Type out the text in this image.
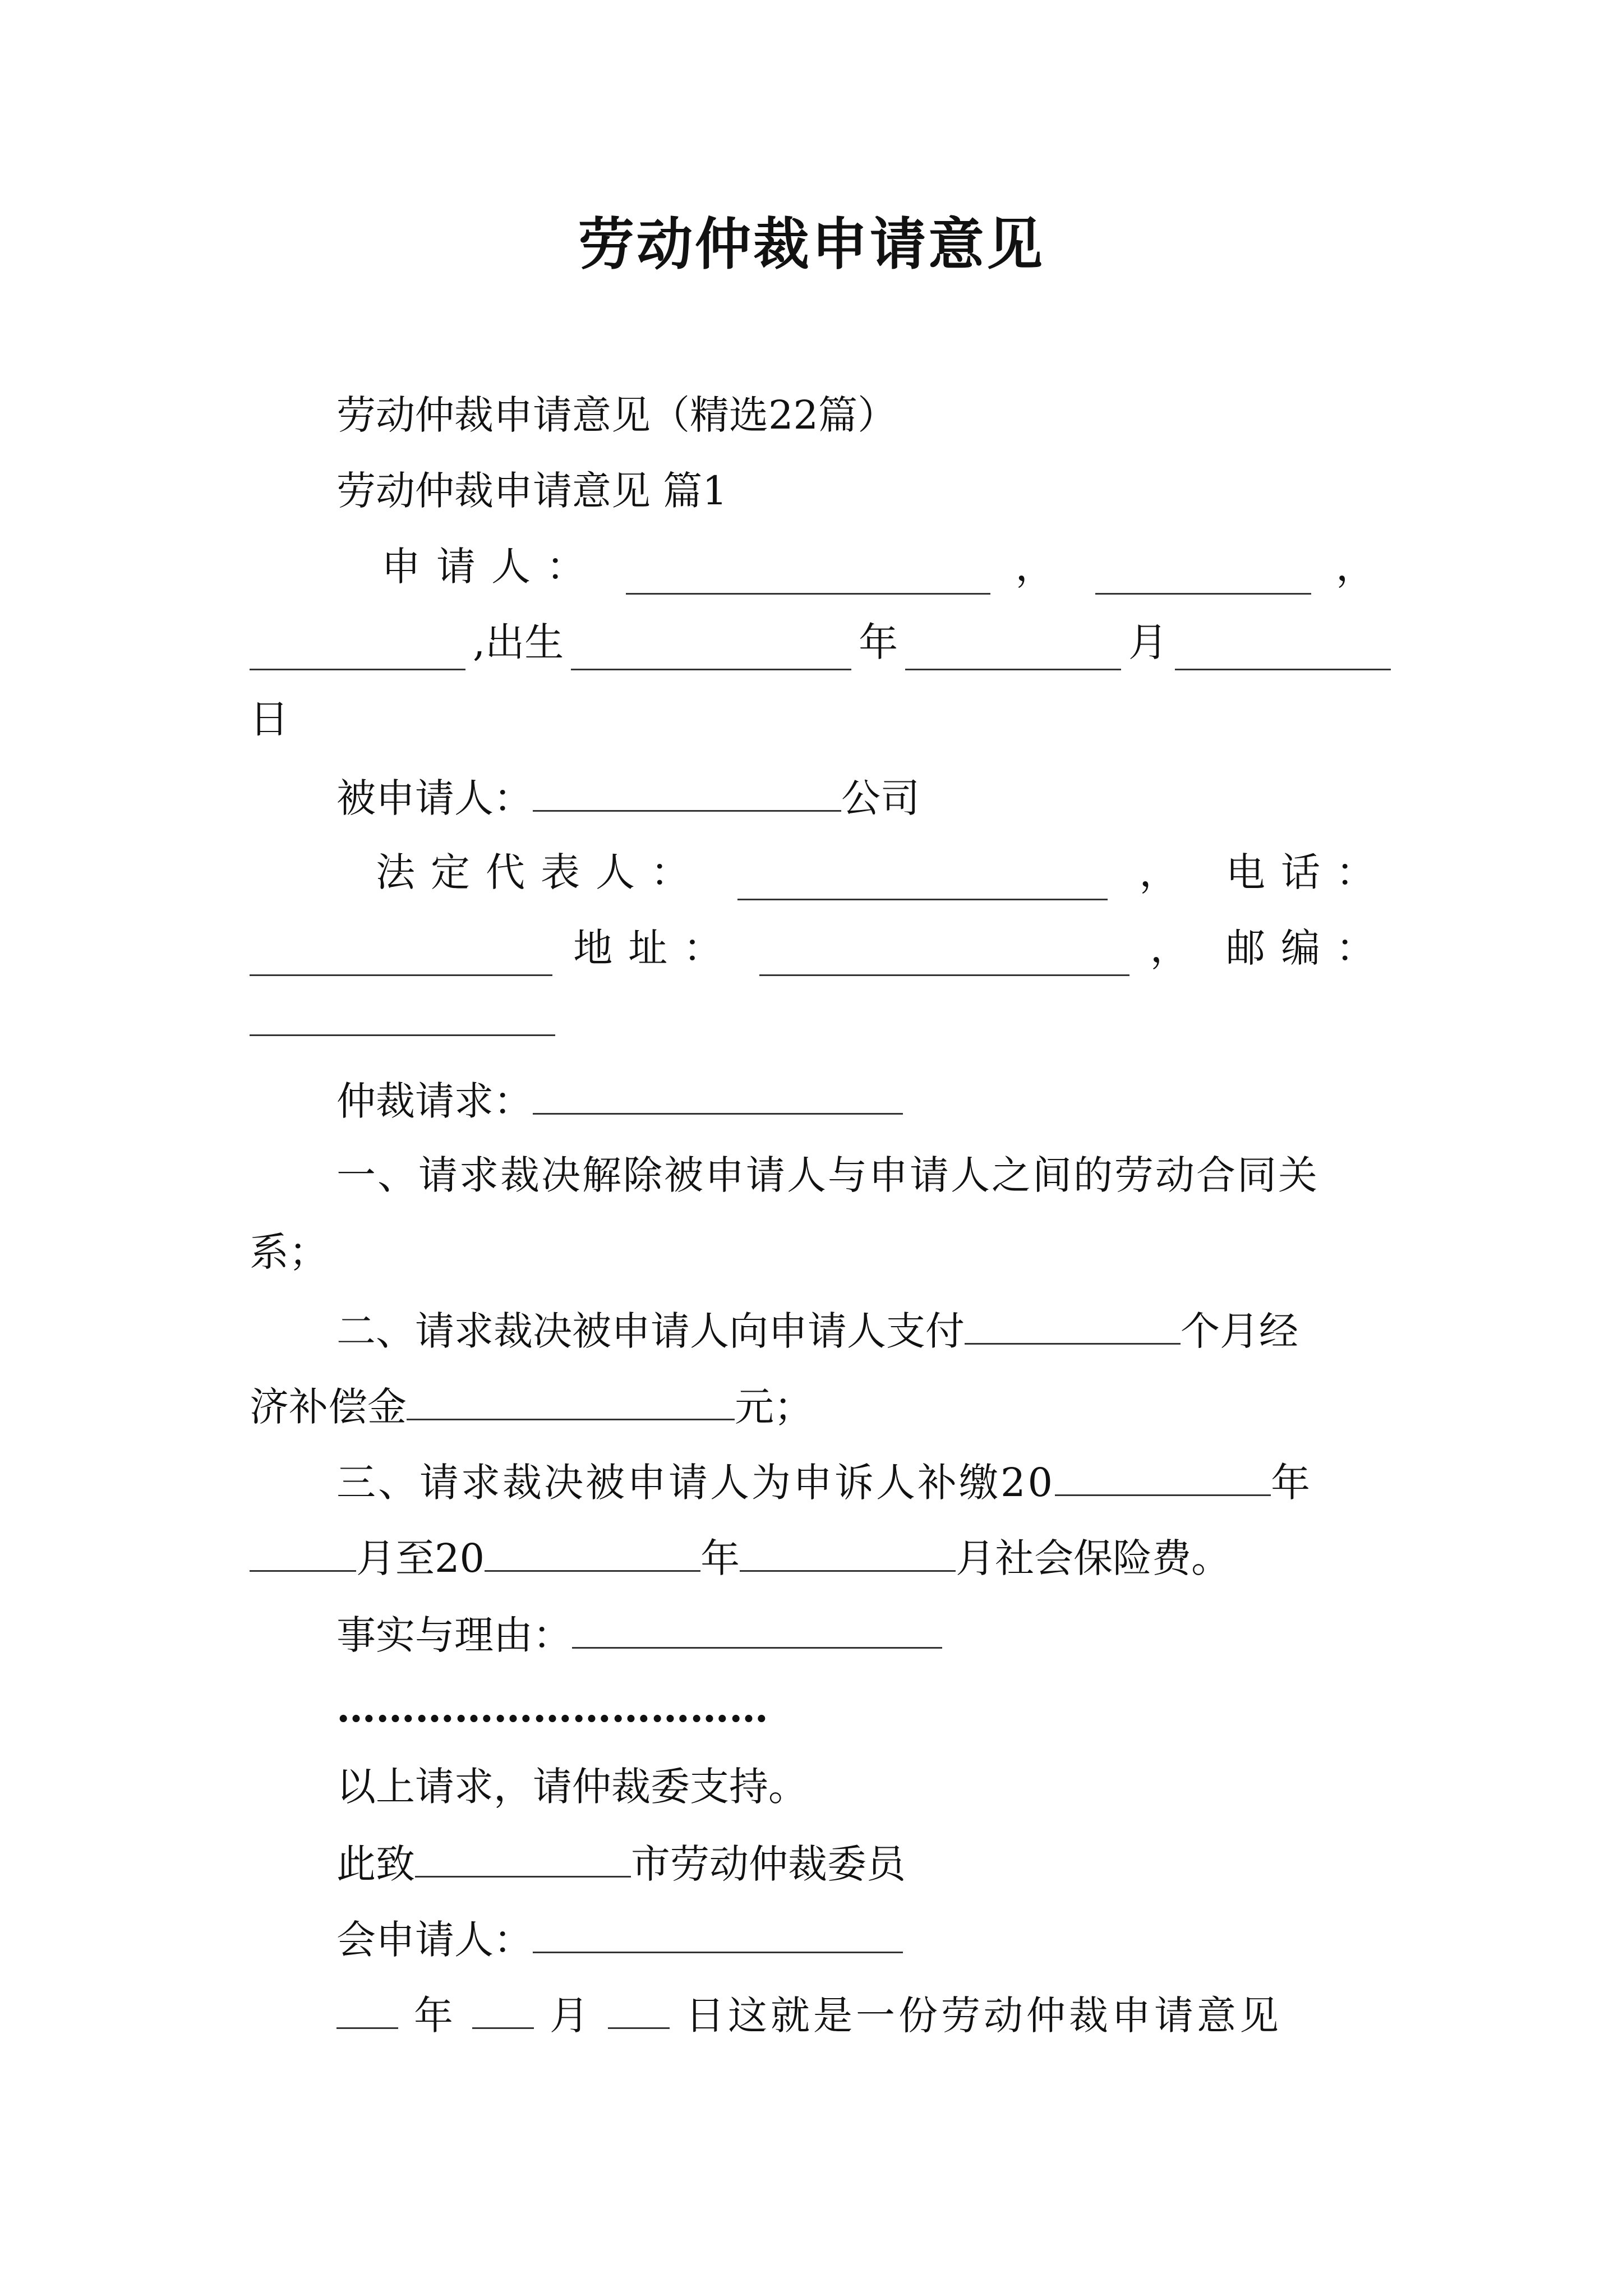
劳动仲裁申请意见
劳动仲裁申请意见（精选22篇）
劳动仲裁申请意见 篇1
申请人：	，	，
,出生	年	月
日
被申请人：	公司
法定代表人：	， 电话：
地址：	， 邮编：
仲裁请求：
一、请求裁决解除被申请人与申请人之间的劳动合同关
系；
二、请求裁决被申请人向申请人支付	个月经
济补偿金	元；
三、请求裁决被申请人为申诉人补缴20	年
月至20	年	月社会保险费。
事实与理由：
……………………………
以上请求，请仲裁委支持。
此致	市劳动仲裁委员
会申请人：
年 月 日这就是一份劳动仲裁申请意见
